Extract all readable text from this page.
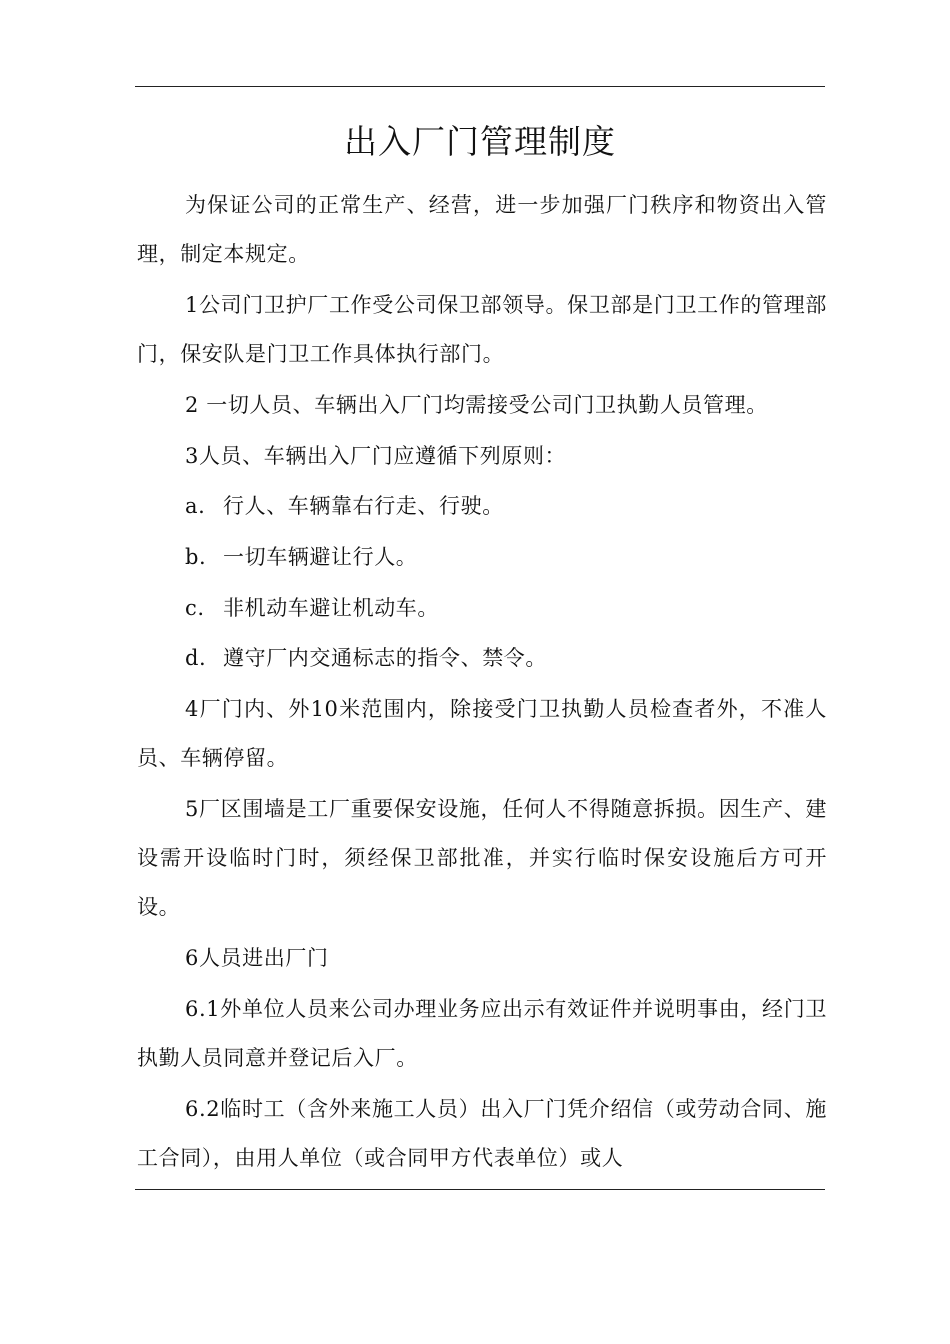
出入厂门管理制度

为保证公司的正常生产、经营，进一步加强厂门秩序和物资出入管理，制定本规定。

1公司门卫护厂工作受公司保卫部领导。保卫部是门卫工作的管理部门，保安队是门卫工作具体执行部门。

2 一切人员、车辆出入厂门均需接受公司门卫执勤人员管理。

3人员、车辆出入厂门应遵循下列原则：

a. 行人、车辆靠右行走、行驶。
b. 一切车辆避让行人。
c. 非机动车避让机动车。
d. 遵守厂内交通标志的指令、禁令。

4厂门内、外10米范围内，除接受门卫执勤人员检查者外，不准人员、车辆停留。

5厂区围墙是工厂重要保安设施，任何人不得随意拆损。因生产、建设需开设临时门时，须经保卫部批准，并实行临时保安设施后方可开设。

6人员进出厂门

6.1外单位人员来公司办理业务应出示有效证件并说明事由，经门卫执勤人员同意并登记后入厂。

6.2临时工（含外来施工人员）出入厂门凭介绍信（或劳动合同、施工合同），由用人单位（或合同甲方代表单位）或人
